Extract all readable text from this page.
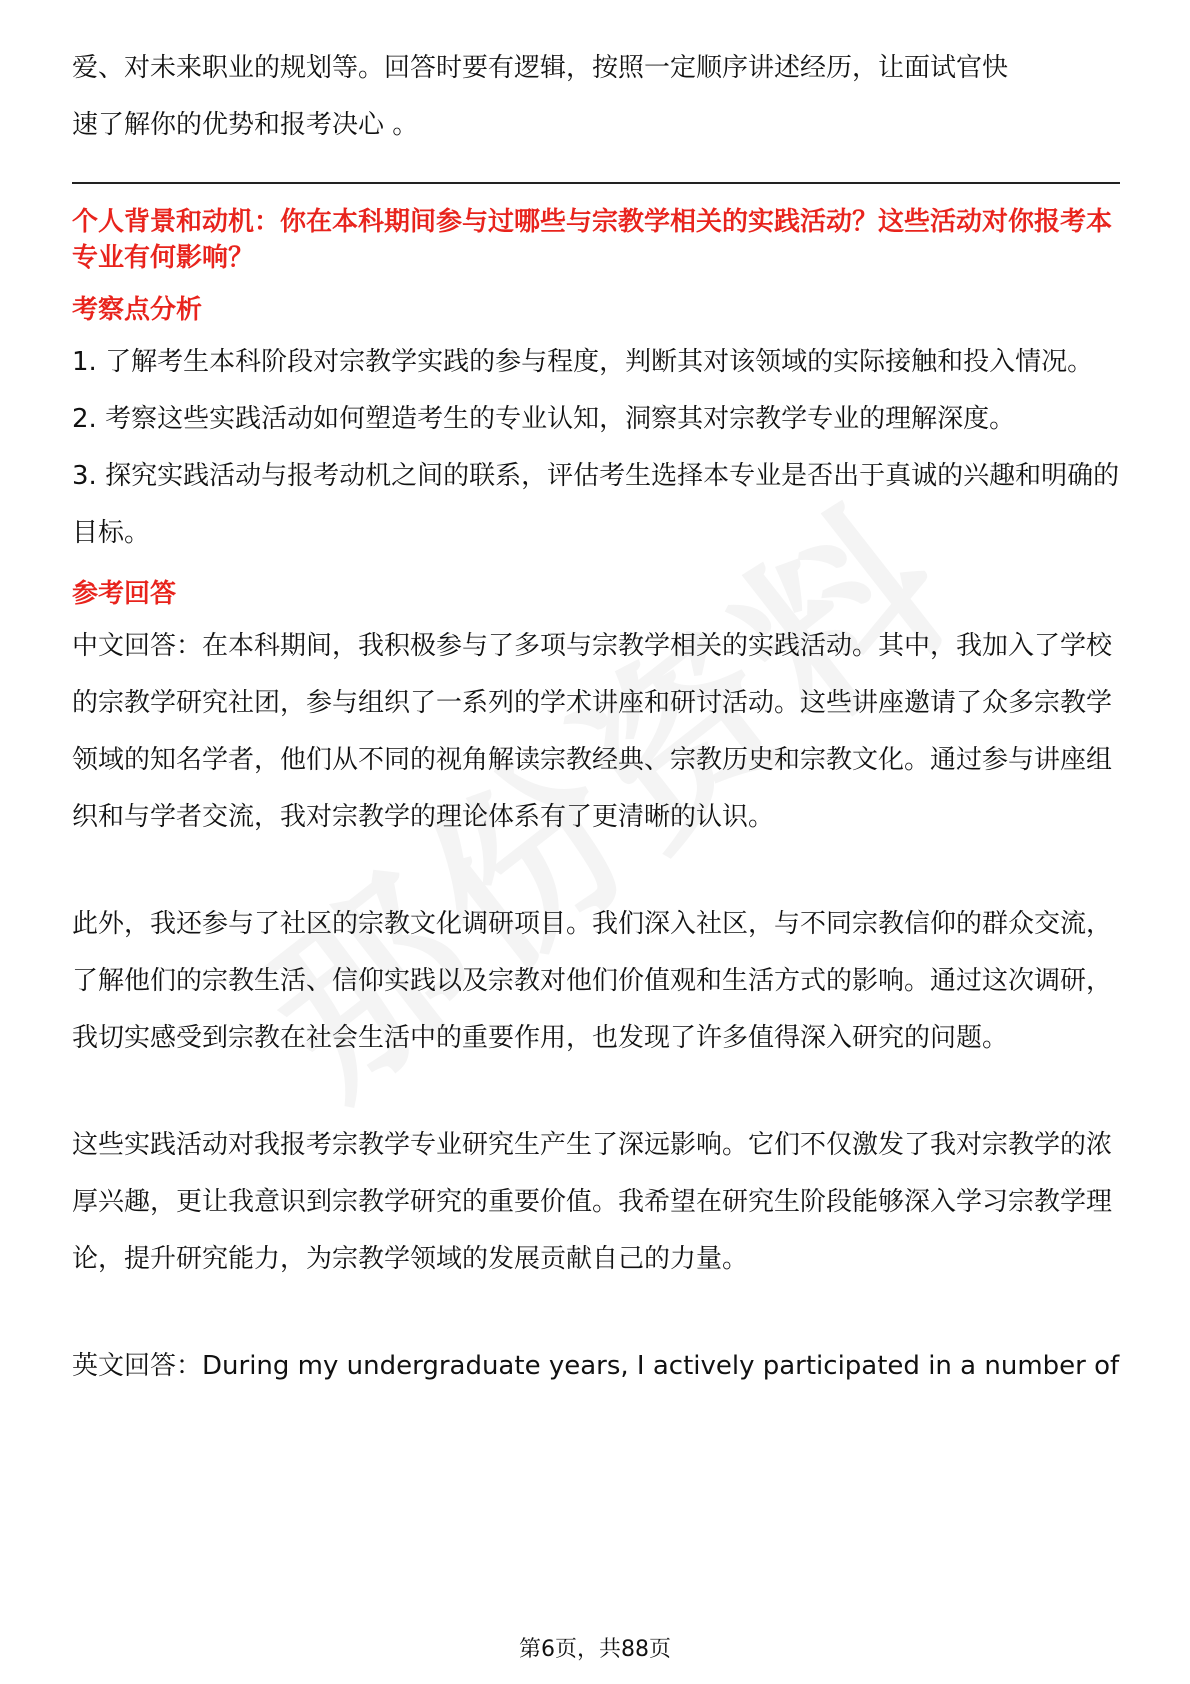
爱、对未来职业的规划等。回答时要有逻辑，按照一定顺序讲述经历，让面试官快

速了解你的优势和报考决心 。

个人背景和动机：你在本科期间参与过哪些与宗教学相关的实践活动？这些活动对你报考本专业有何影响？
考察点分析

1. 了解考生本科阶段对宗教学实践的参与程度，判断其对该领域的实际接触和投入情况。

2. 考察这些实践活动如何塑造考生的专业认知，洞察其对宗教学专业的理解深度。

3. 探究实践活动与报考动机之间的联系，评估考生选择本专业是否出于真诚的兴趣和明确的目标。

参考回答

中文回答：在本科期间，我积极参与了多项与宗教学相关的实践活动。其中，我加入了学校的宗教学研究社团，参与组织了一系列的学术讲座和研讨活动。这些讲座邀请了众多宗教学领域的知名学者，他们从不同的视角解读宗教经典、宗教历史和宗教文化。通过参与讲座组织和与学者交流，我对宗教学的理论体系有了更清晰的认识。

此外，我还参与了社区的宗教文化调研项目。我们深入社区，与不同宗教信仰的群众交流，了解他们的宗教生活、信仰实践以及宗教对他们价值观和生活方式的影响。通过这次调研，我切实感受到宗教在社会生活中的重要作用，也发现了许多值得深入研究的问题。

这些实践活动对我报考宗教学专业研究生产生了深远影响。它们不仅激发了我对宗教学的浓厚兴趣，更让我意识到宗教学研究的重要价值。我希望在研究生阶段能够深入学习宗教学理论，提升研究能力，为宗教学领域的发展贡献自己的力量。

英文回答：During my undergraduate years, I actively participated in a number of

第6页，共88页
